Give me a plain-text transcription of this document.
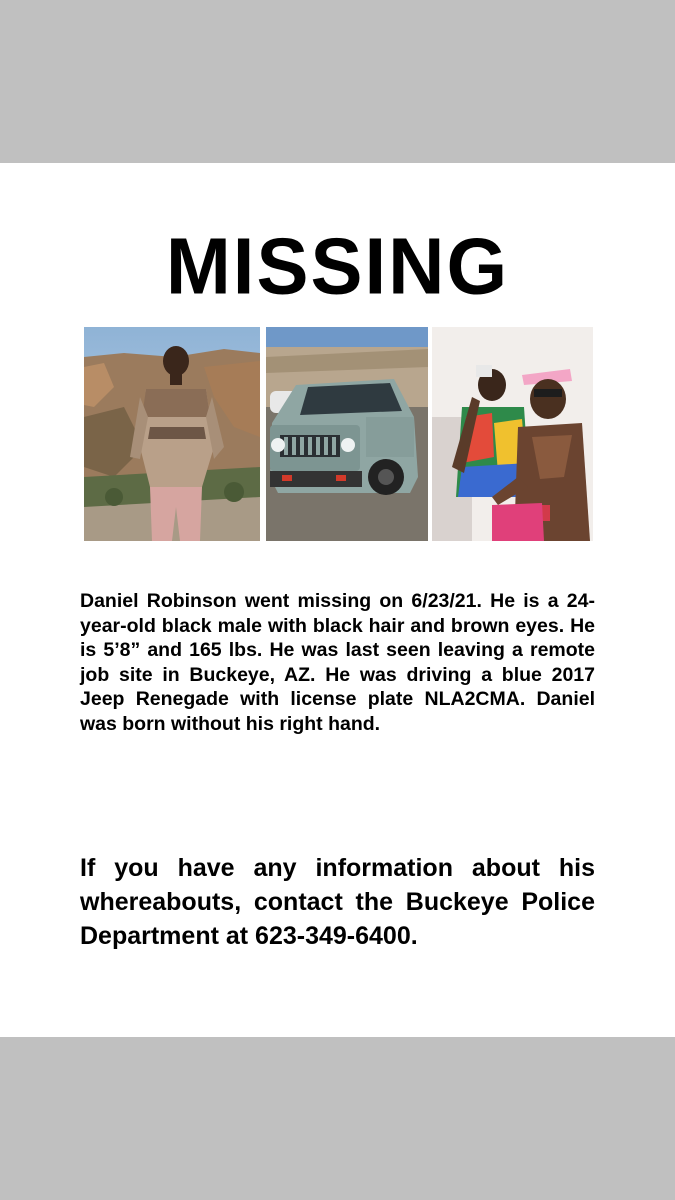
MISSING

Daniel Robinson went missing on 6/23/21. He is a 24-year-old black male with black hair and brown eyes. He is 5’8” and 165 lbs. He was last seen leaving a remote job site in Buckeye, AZ. He was driving a blue 2017 Jeep Renegade with license plate NLA2CMA. Daniel was born without his right hand.

If you have any information about his whereabouts, contact the Buckeye Police Department at 623-349-6400.
